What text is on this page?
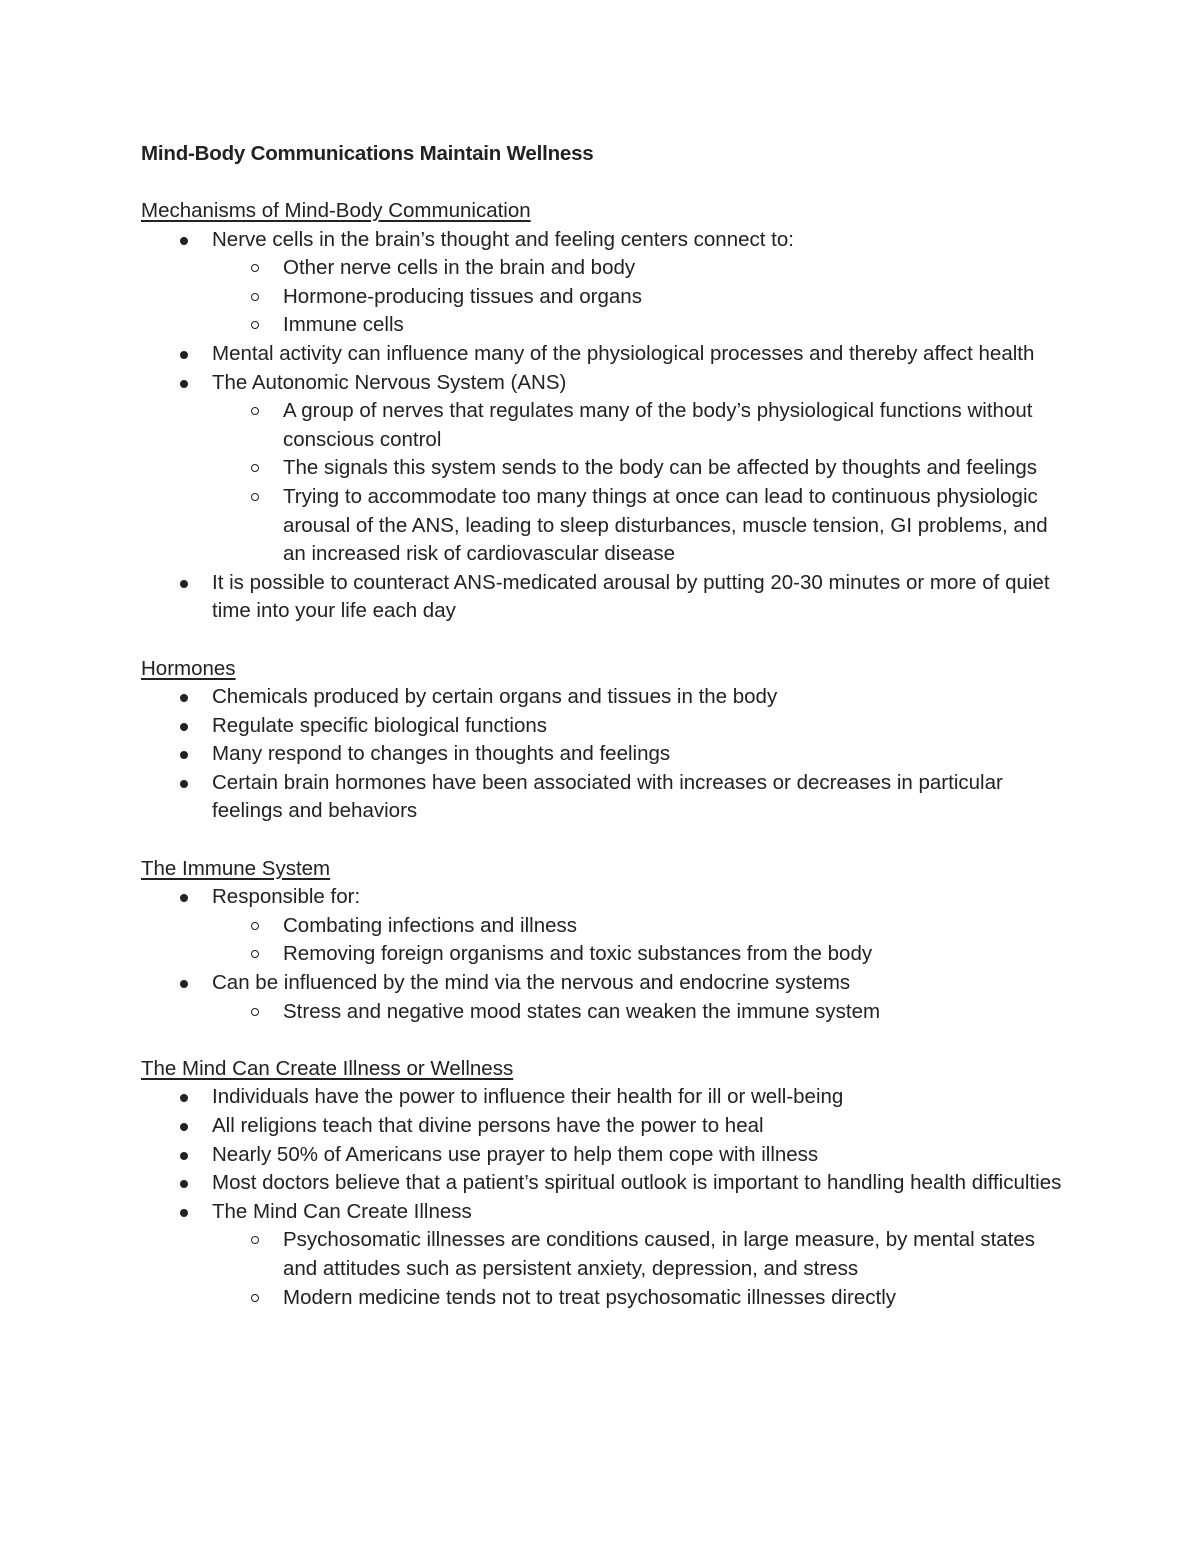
Mind-Body Communications Maintain Wellness
Mechanisms of Mind-Body Communication
Nerve cells in the brain’s thought and feeling centers connect to:
Other nerve cells in the brain and body
Hormone-producing tissues and organs
Immune cells
Mental activity can influence many of the physiological processes and thereby affect health
The Autonomic Nervous System (ANS)
A group of nerves that regulates many of the body’s physiological functions without conscious control
The signals this system sends to the body can be affected by thoughts and feelings
Trying to accommodate too many things at once can lead to continuous physiologic arousal of the ANS, leading to sleep disturbances, muscle tension, GI problems, and an increased risk of cardiovascular disease
It is possible to counteract ANS-medicated arousal by putting 20-30 minutes or more of quiet time into your life each day
Hormones
Chemicals produced by certain organs and tissues in the body
Regulate specific biological functions
Many respond to changes in thoughts and feelings
Certain brain hormones have been associated with increases or decreases in particular feelings and behaviors
The Immune System
Responsible for:
Combating infections and illness
Removing foreign organisms and toxic substances from the body
Can be influenced by the mind via the nervous and endocrine systems
Stress and negative mood states can weaken the immune system
The Mind Can Create Illness or Wellness
Individuals have the power to influence their health for ill or well-being
All religions teach that divine persons have the power to heal
Nearly 50% of Americans use prayer to help them cope with illness
Most doctors believe that a patient’s spiritual outlook is important to handling health difficulties
The Mind Can Create Illness
Psychosomatic illnesses are conditions caused, in large measure, by mental states and attitudes such as persistent anxiety, depression, and stress
Modern medicine tends not to treat psychosomatic illnesses directly
